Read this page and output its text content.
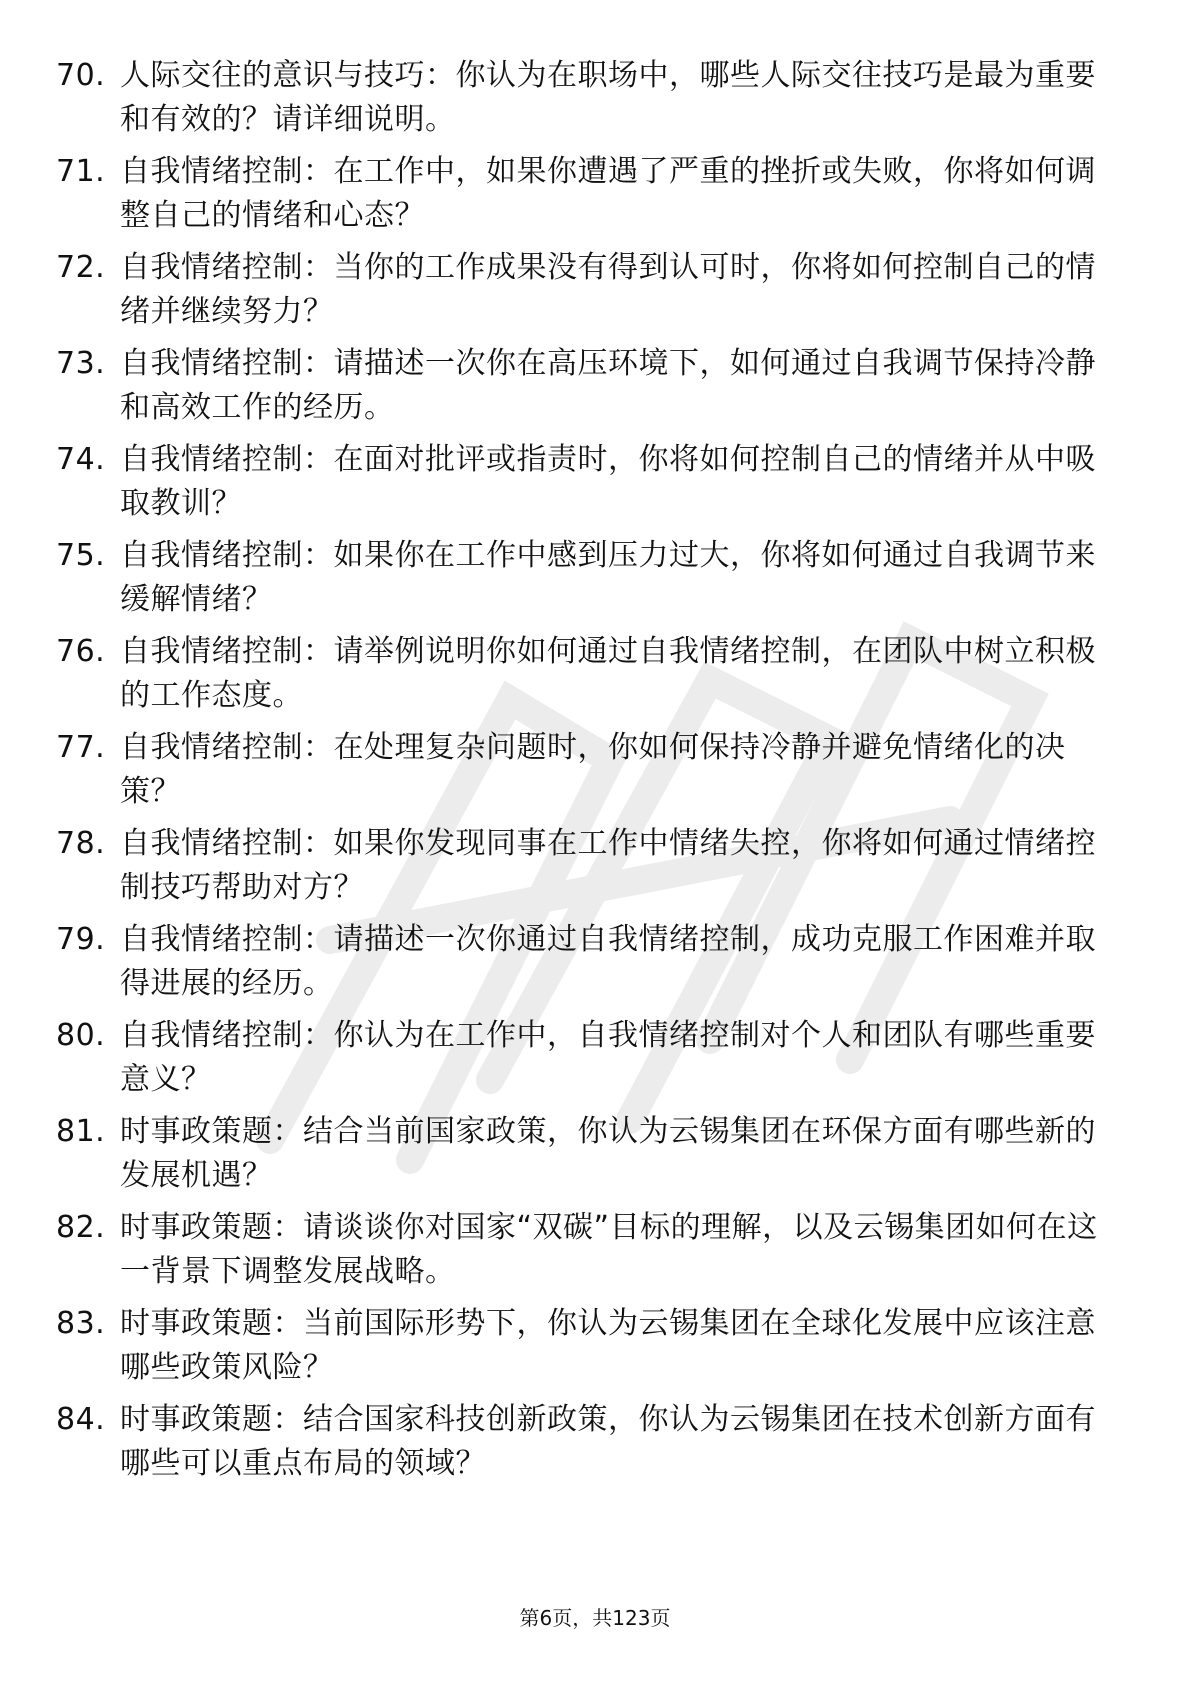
70. 人际交往的意识与技巧：你认为在职场中，哪些人际交往技巧是最为重要和有效的？请详细说明。
71. 自我情绪控制：在工作中，如果你遭遇了严重的挫折或失败，你将如何调整自己的情绪和心态？
72. 自我情绪控制：当你的工作成果没有得到认可时，你将如何控制自己的情绪并继续努力？
73. 自我情绪控制：请描述一次你在高压环境下，如何通过自我调节保持冷静和高效工作的经历。
74. 自我情绪控制：在面对批评或指责时，你将如何控制自己的情绪并从中吸取教训？
75. 自我情绪控制：如果你在工作中感到压力过大，你将如何通过自我调节来缓解情绪？
76. 自我情绪控制：请举例说明你如何通过自我情绪控制，在团队中树立积极的工作态度。
77. 自我情绪控制：在处理复杂问题时，你如何保持冷静并避免情绪化的决策？
78. 自我情绪控制：如果你发现同事在工作中情绪失控，你将如何通过情绪控制技巧帮助对方？
79. 自我情绪控制：请描述一次你通过自我情绪控制，成功克服工作困难并取得进展的经历。
80. 自我情绪控制：你认为在工作中，自我情绪控制对个人和团队有哪些重要意义？
81. 时事政策题：结合当前国家政策，你认为云锡集团在环保方面有哪些新的发展机遇？
82. 时事政策题：请谈谈你对国家“双碳”目标的理解，以及云锡集团如何在这一背景下调整发展战略。
83. 时事政策题：当前国际形势下，你认为云锡集团在全球化发展中应该注意哪些政策风险？
84. 时事政策题：结合国家科技创新政策，你认为云锡集团在技术创新方面有哪些可以重点布局的领域？
第6页，共123页
